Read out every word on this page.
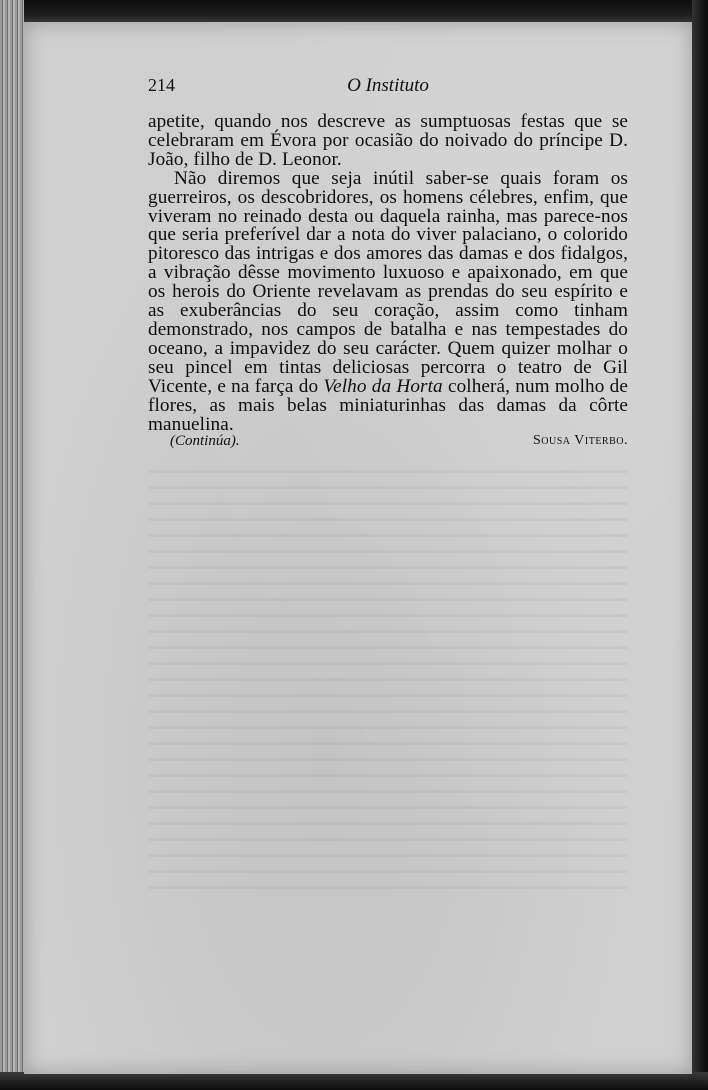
214	O Instituto

apetite, quando nos descreve as sumptuosas festas que se celebraram em Évora por ocasião do noivado do príncipe D. João, filho de D. Leonor.

Não diremos que seja inútil saber-se quais foram os guerreiros, os descobridores, os homens célebres, enfim, que viveram no reinado desta ou daquela rainha, mas parece-nos que seria preferível dar a nota do viver palaciano, o colorido pitoresco das intrigas e dos amores das damas e dos fidalgos, a vibração dêsse movimento luxuoso e apaixonado, em que os herois do Oriente revelavam as prendas do seu espírito e as exuberâncias do seu coração, assim como tinham demonstrado, nos campos de batalha e nas tempestades do oceano, a impavidez do seu carácter. Quem quizer molhar o seu pincel em tintas deliciosas percorra o teatro de Gil Vicente, e na farça do Velho da Horta colherá, num molho de flores, as mais belas miniaturinhas das damas da côrte manuelina.

(Continúa).	Sousa Viterbo.
